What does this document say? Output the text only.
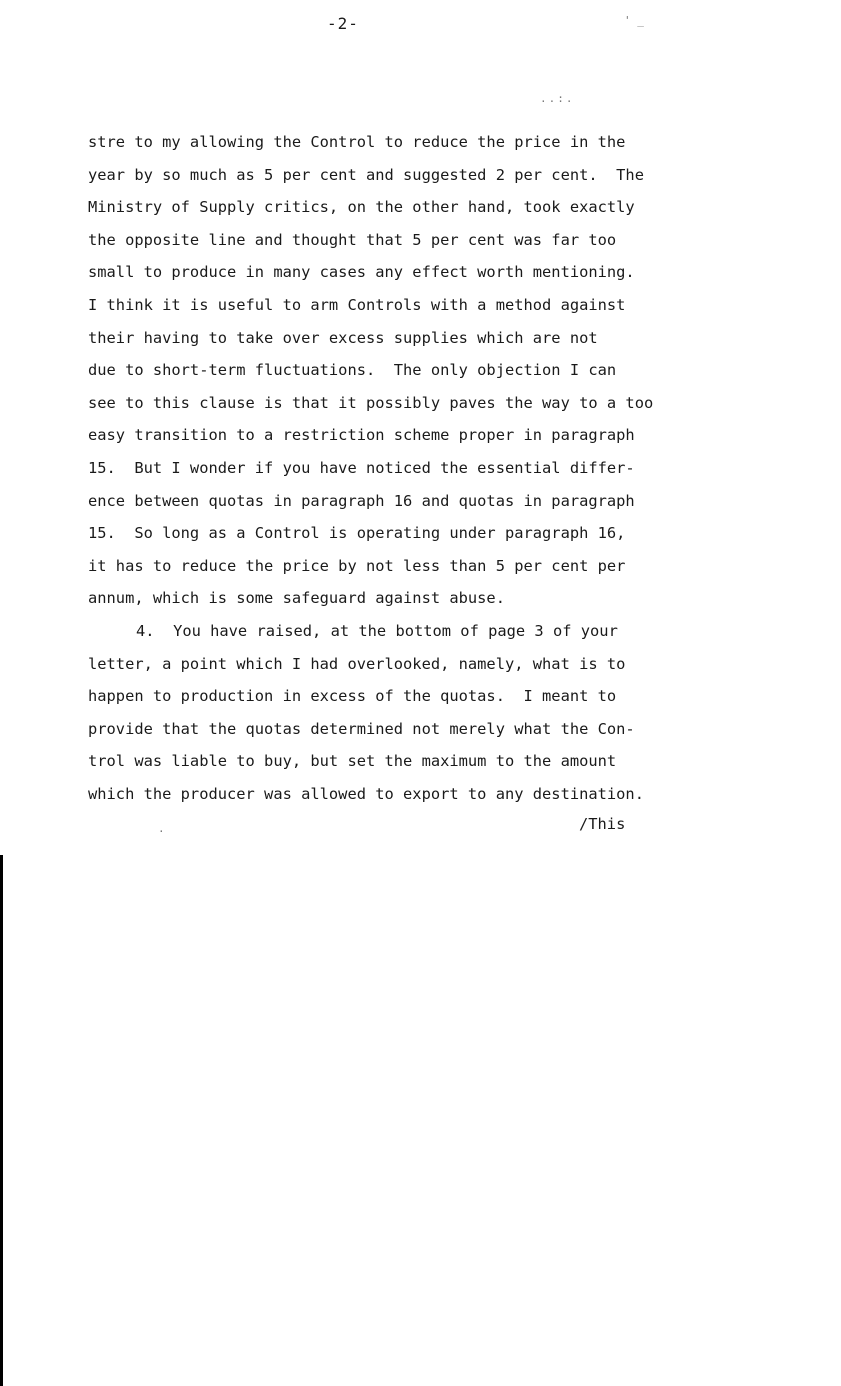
-2-	' _
..:.
stre to my allowing the Control to reduce the price in the
year by so much as 5 per cent and suggested 2 per cent.  The
Ministry of Supply critics, on the other hand, took exactly
the opposite line and thought that 5 per cent was far too
small to produce in many cases any effect worth mentioning.
I think it is useful to arm Controls with a method against
their having to take over excess supplies which are not
due to short-term fluctuations.  The only objection I can
see to this clause is that it possibly paves the way to a too
easy transition to a restriction scheme proper in paragraph
15.  But I wonder if you have noticed the essential differ-
ence between quotas in paragraph 16 and quotas in paragraph
15.  So long as a Control is operating under paragraph 16,
it has to reduce the price by not less than 5 per cent per
annum, which is some safeguard against abuse.
4.  You have raised, at the bottom of page 3 of your
letter, a point which I had overlooked, namely, what is to
happen to production in excess of the quotas.  I meant to
provide that the quotas determined not merely what the Con-
trol was liable to buy, but set the maximum to the amount
which the producer was allowed to export to any destination.
.	/This
